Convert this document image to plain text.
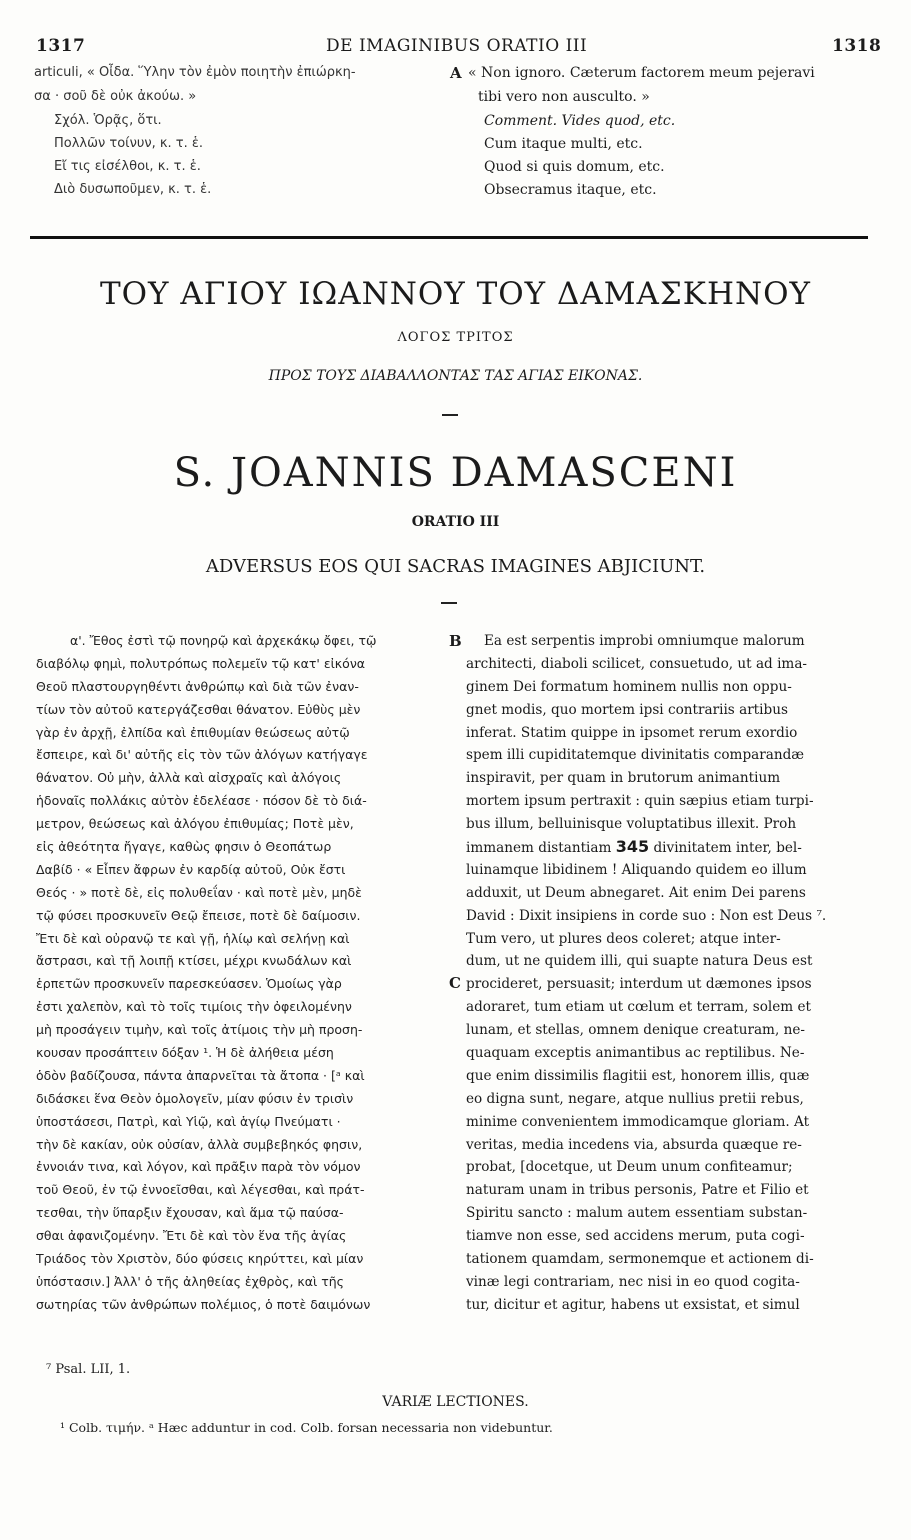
1317	DE IMAGINIBUS ORATIO III	1318
articuli, « Οἶδα. Ὕλην τὸν ἐμὸν ποιητὴν ἐπιώρκη-
σα · σοῦ δὲ οὐκ ἀκούω. »
Σχόλ. Ὁρᾷς, ὅτι.
Πολλῶν τοίνυν, κ. τ. ἑ.
Εἴ τις εἰσέλθοι, κ. τ. ἑ.
Διὸ δυσωποῦμεν, κ. τ. ἑ.
« Non ignoro. Cæterum factorem meum pejeravi
tibi vero non ausculto. »
Comment. Vides quod, etc.
Cum itaque multi, etc.
Quod si quis domum, etc.
Obsecramus itaque, etc.
A
ΤΟΥ ΑΓΙΟΥ ΙΩΑΝΝΟΥ ΤΟΥ ΔΑΜΑΣΚΗΝΟΥ
ΛΟΓΟΣ ΤΡΙΤΟΣ
ΠΡΟΣ ΤΟΥΣ ΔΙΑΒΑΛΛΟΝΤΑΣ ΤΑΣ ΑΓΙΑΣ ΕΙΚΟΝΑΣ.
S. JOANNIS DAMASCENI
ORATIO III
ADVERSUS EOS QUI SACRAS IMAGINES ABJICIUNT.
α'. Ἔθος ἐστὶ τῷ πονηρῷ καὶ ἀρχεκάκῳ ὄφει, τῷ
διαβόλῳ φημὶ, πολυτρόπως πολεμεῖν τῷ κατ' εἰκόνα
Θεοῦ πλαστουργηθέντι ἀνθρώπῳ καὶ διὰ τῶν ἐναν-
τίων τὸν αὐτοῦ κατεργάζεσθαι θάνατον. Εὐθὺς μὲν
γὰρ ἐν ἀρχῇ, ἐλπίδα καὶ ἐπιθυμίαν θεώσεως αὐτῷ
ἔσπειρε, καὶ δι' αὐτῆς εἰς τὸν τῶν ἀλόγων κατήγαγε
θάνατον. Οὐ μὴν, ἀλλὰ καὶ αἰσχραῖς καὶ ἀλόγοις
ἡδοναῖς πολλάκις αὐτὸν ἐδελέασε · πόσον δὲ τὸ διά-
μετρον, θεώσεως καὶ ἀλόγου ἐπιθυμίας; Ποτὲ μὲν,
εἰς ἀθεότητα ἤγαγε, καθὼς φησιν ὁ Θεοπάτωρ
Δαβίδ · « Εἶπεν ἄφρων ἐν καρδίᾳ αὐτοῦ, Οὐκ ἔστι
Θεός · » ποτὲ δὲ, εἰς πολυθεΐαν · καὶ ποτὲ μὲν, μηδὲ
τῷ φύσει προσκυνεῖν Θεῷ ἔπεισε, ποτὲ δὲ δαίμοσιν.
Ἔτι δὲ καὶ οὐρανῷ τε καὶ γῇ, ἡλίῳ καὶ σελήνῃ καὶ
ἄστρασι, καὶ τῇ λοιπῇ κτίσει, μέχρι κνωδάλων καὶ
ἑρπετῶν προσκυνεῖν παρεσκεύασεν. Ὁμοίως γὰρ
ἐστι χαλεπὸν, καὶ τὸ τοῖς τιμίοις τὴν ὀφειλομένην
μὴ προσάγειν τιμὴν, καὶ τοῖς ἀτίμοις τὴν μὴ προση-
κουσαν προσάπτειν δόξαν ¹. Ἡ δὲ ἀλήθεια μέση
ὁδὸν βαδίζουσα, πάντα ἀπαρνεῖται τὰ ἄτοπα · [ᵃ καὶ
διδάσκει ἕνα Θεὸν ὁμολογεῖν, μίαν φύσιν ἐν τρισὶν
ὑποστάσεσι, Πατρὶ, καὶ Υἱῷ, καὶ ἁγίῳ Πνεύματι ·
τὴν δὲ κακίαν, οὐκ οὐσίαν, ἀλλὰ συμβεβηκός φησιν,
ἐννοιάν τινα, καὶ λόγον, καὶ πρᾶξιν παρὰ τὸν νόμον
τοῦ Θεοῦ, ἐν τῷ ἐννοεῖσθαι, καὶ λέγεσθαι, καὶ πράτ-
τεσθαι, τὴν ὕπαρξιν ἔχουσαν, καὶ ἅμα τῷ παύσα-
σθαι ἀφανιζομένην. Ἔτι δὲ καὶ τὸν ἕνα τῆς ἁγίας
Τριάδος τὸν Χριστὸν, δύο φύσεις κηρύττει, καὶ μίαν
ὑπόστασιν.] Ἀλλ' ὁ τῆς ἀληθείας ἐχθρὸς, καὶ τῆς
σωτηρίας τῶν ἀνθρώπων πολέμιος, ὁ ποτὲ δαιμόνων
B
C
Ea est serpentis improbi omniumque malorum
architecti, diaboli scilicet, consuetudo, ut ad ima-
ginem Dei formatum hominem nullis non oppu-
gnet modis, quo mortem ipsi contrariis artibus
inferat. Statim quippe in ipsomet rerum exordio
spem illi cupiditatemque divinitatis comparandæ
inspiravit, per quam in brutorum animantium
mortem ipsum pertraxit : quin sæpius etiam turpi-
bus illum, belluinisque voluptatibus illexit. Proh
immanem distantiam 345 divinitatem inter, bel-
luinamque libidinem ! Aliquando quidem eo illum
adduxit, ut Deum abnegaret. Ait enim Dei parens
David : Dixit insipiens in corde suo : Non est Deus ⁷.
Tum vero, ut plures deos coleret; atque inter-
dum, ut ne quidem illi, qui suapte natura Deus est
procideret, persuasit; interdum ut dæmones ipsos
adoraret, tum etiam ut cœlum et terram, solem et
lunam, et stellas, omnem denique creaturam, ne-
quaquam exceptis animantibus ac reptilibus. Ne-
que enim dissimilis flagitii est, honorem illis, quæ
eo digna sunt, negare, atque nullius pretii rebus,
minime convenientem immodicamque gloriam. At
veritas, media incedens via, absurda quæque re-
probat, [docetque, ut Deum unum confiteamur;
naturam unam in tribus personis, Patre et Filio et
Spiritu sancto : malum autem essentiam substan-
tiamve non esse, sed accidens merum, puta cogi-
tationem quamdam, sermonemque et actionem di-
vinæ legi contrariam, nec nisi in eo quod cogita-
tur, dicitur et agitur, habens ut exsistat, et simul
⁷ Psal. LII, 1.
VARIÆ LECTIONES.
¹ Colb. τιμήν. ᵃ Hæc adduntur in cod. Colb. forsan necessaria non videbuntur.
